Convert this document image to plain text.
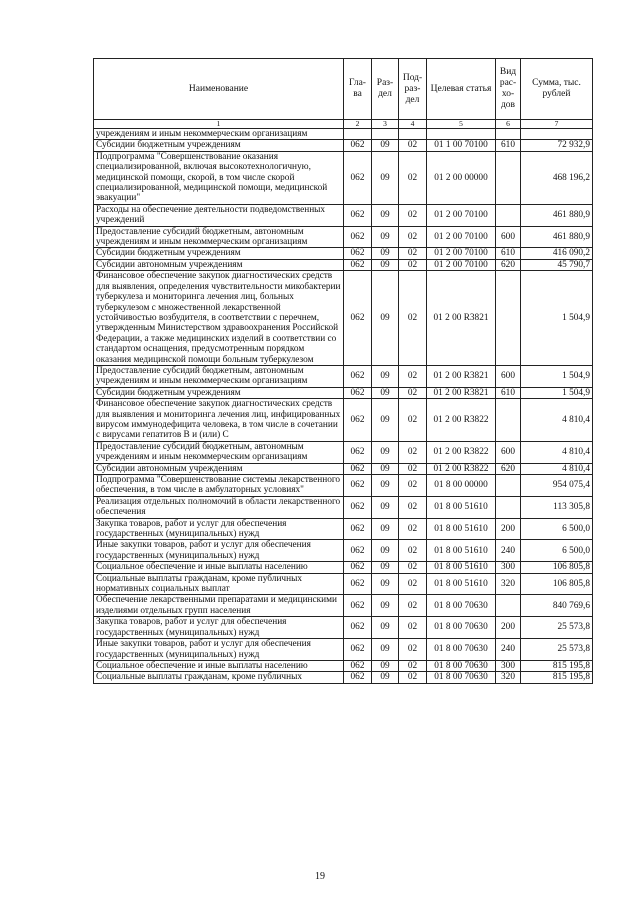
Наименование	Гла-ва	Раз-дел	Под-раз-дел	Целевая статья	Вид рас-хо-дов	Сумма, тыс. рублей
1	2	3	4	5	6	7
учреждениям и иным некоммерческим организациям						
Субсидии бюджетным учреждениям	062	09	02	01 1 00 70100	610	72 932,9
Подпрограмма "Совершенствование оказания специализированной, включая высокотехнологичную, медицинской помощи, скорой, в том числе скорой специализированной, медицинской помощи, медицинской эвакуации"	062	09	02	01 2 00 00000		468 196,2
Расходы на обеспечение деятельности подведомственных учреждений	062	09	02	01 2 00 70100		461 880,9
Предоставление субсидий бюджетным, автономным учреждениям и иным некоммерческим организациям	062	09	02	01 2 00 70100	600	461 880,9
Субсидии бюджетным учреждениям	062	09	02	01 2 00 70100	610	416 090,2
Субсидии автономным учреждениям	062	09	02	01 2 00 70100	620	45 790,7
Финансовое обеспечение закупок диагностических средств для выявления, определения чувствительности микобактерии туберкулеза и мониторинга лечения лиц, больных туберкулезом с множественной лекарственной устойчивостью возбудителя, в соответствии с перечнем, утвержденным Министерством здравоохранения Российской Федерации, а также медицинских изделий в соответствии со стандартом оснащения, предусмотренным порядком оказания медицинской помощи больным туберкулезом	062	09	02	01 2 00 R3821		1 504,9
Предоставление субсидий бюджетным, автономным учреждениям и иным некоммерческим организациям	062	09	02	01 2 00 R3821	600	1 504,9
Субсидии бюджетным учреждениям	062	09	02	01 2 00 R3821	610	1 504,9
Финансовое обеспечение закупок диагностических средств для выявления и мониторинга лечения лиц, инфицированных вирусом иммунодефицита человека, в том числе в сочетании с вирусами гепатитов B и (или) C	062	09	02	01 2 00 R3822		4 810,4
Предоставление субсидий бюджетным, автономным учреждениям и иным некоммерческим организациям	062	09	02	01 2 00 R3822	600	4 810,4
Субсидии автономным учреждениям	062	09	02	01 2 00 R3822	620	4 810,4
Подпрограмма "Совершенствование системы лекарственного обеспечения, в том числе в амбулаторных условиях"	062	09	02	01 8 00 00000		954 075,4
Реализация отдельных полномочий в области лекарственного обеспечения	062	09	02	01 8 00 51610		113 305,8
Закупка товаров, работ и услуг для обеспечения государственных (муниципальных) нужд	062	09	02	01 8 00 51610	200	6 500,0
Иные закупки товаров, работ и услуг для обеспечения государственных (муниципальных) нужд	062	09	02	01 8 00 51610	240	6 500,0
Социальное обеспечение и иные выплаты населению	062	09	02	01 8 00 51610	300	106 805,8
Социальные выплаты гражданам, кроме публичных нормативных социальных выплат	062	09	02	01 8 00 51610	320	106 805,8
Обеспечение лекарственными препаратами и медицинскими изделиями отдельных групп населения	062	09	02	01 8 00 70630		840 769,6
Закупка товаров, работ и услуг для обеспечения государственных (муниципальных) нужд	062	09	02	01 8 00 70630	200	25 573,8
Иные закупки товаров, работ и услуг для обеспечения государственных (муниципальных) нужд	062	09	02	01 8 00 70630	240	25 573,8
Социальное обеспечение и иные выплаты населению	062	09	02	01 8 00 70630	300	815 195,8
Социальные выплаты гражданам, кроме публичных	062	09	02	01 8 00 70630	320	815 195,8
19
